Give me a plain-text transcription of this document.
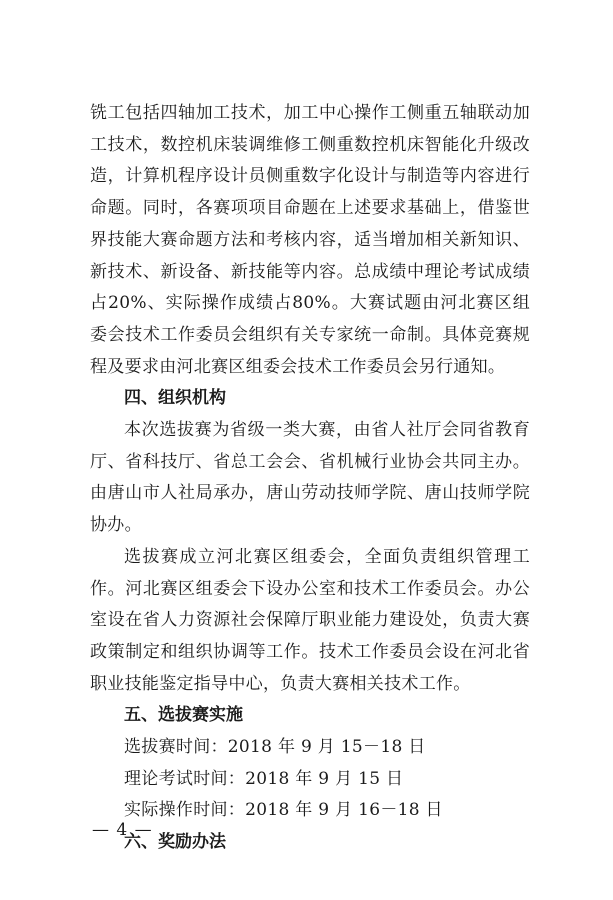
铣工包括四轴加工技术，加工中心操作工侧重五轴联动加工技术，数控机床装调维修工侧重数控机床智能化升级改造，计算机程序设计员侧重数字化设计与制造等内容进行命题。同时，各赛项项目命题在上述要求基础上，借鉴世界技能大赛命题方法和考核内容，适当增加相关新知识、新技术、新设备、新技能等内容。总成绩中理论考试成绩占20%、实际操作成绩占80%。大赛试题由河北赛区组委会技术工作委员会组织有关专家统一命制。具体竞赛规程及要求由河北赛区组委会技术工作委员会另行通知。

四、组织机构

本次选拔赛为省级一类大赛，由省人社厅会同省教育厅、省科技厅、省总工会会、省机械行业协会共同主办。由唐山市人社局承办，唐山劳动技师学院、唐山技师学院协办。

选拔赛成立河北赛区组委会，全面负责组织管理工作。河北赛区组委会下设办公室和技术工作委员会。办公室设在省人力资源社会保障厅职业能力建设处，负责大赛政策制定和组织协调等工作。技术工作委员会设在河北省职业技能鉴定指导中心，负责大赛相关技术工作。

五、选拔赛实施

选拔赛时间：2018 年 9 月 15－18 日

理论考试时间：2018 年 9 月 15 日

实际操作时间：2018 年 9 月 16－18 日

六、奖励办法

— 4 —
